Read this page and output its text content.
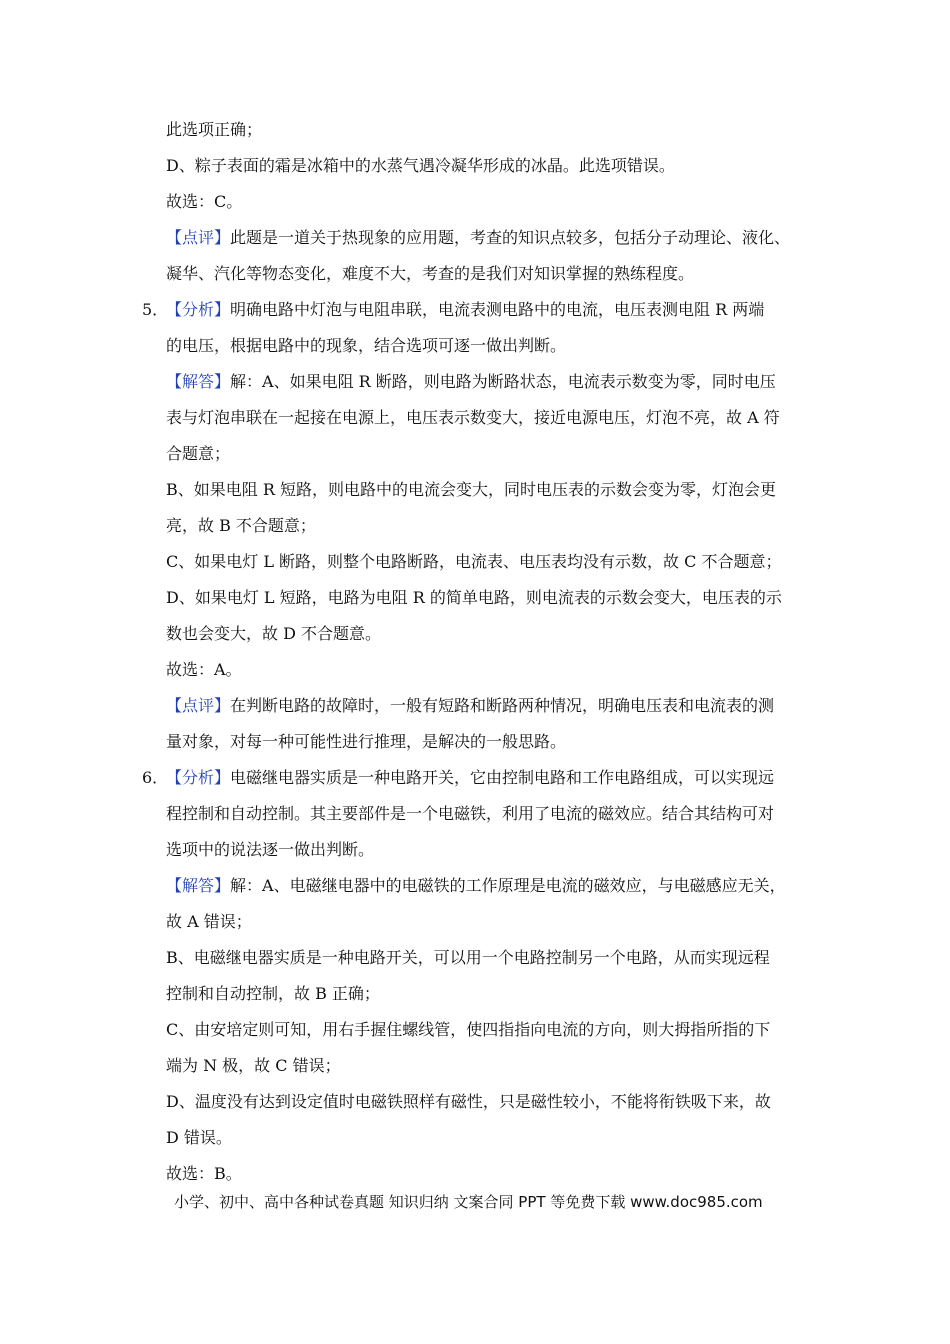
此选项正确；
D、粽子表面的霜是冰箱中的水蒸气遇冷凝华形成的冰晶。此选项错误。
故选：C。
【点评】此题是一道关于热现象的应用题，考查的知识点较多，包括分子动理论、液化、
凝华、汽化等物态变化，难度不大，考查的是我们对知识掌握的熟练程度。
5．
【分析】明确电路中灯泡与电阻串联，电流表测电路中的电流，电压表测电阻 R 两端
的电压，根据电路中的现象，结合选项可逐一做出判断。
【解答】解：A、如果电阻 R 断路，则电路为断路状态，电流表示数变为零，同时电压
表与灯泡串联在一起接在电源上，电压表示数变大，接近电源电压，灯泡不亮，故 A 符
合题意；
B、如果电阻 R 短路，则电路中的电流会变大，同时电压表的示数会变为零，灯泡会更
亮，故 B 不合题意；
C、如果电灯 L 断路，则整个电路断路，电流表、电压表均没有示数，故 C 不合题意；
D、如果电灯 L 短路，电路为电阻 R 的简单电路，则电流表的示数会变大，电压表的示
数也会变大，故 D 不合题意。
故选：A。
【点评】在判断电路的故障时，一般有短路和断路两种情况，明确电压表和电流表的测
量对象，对每一种可能性进行推理，是解决的一般思路。
6．
【分析】电磁继电器实质是一种电路开关，它由控制电路和工作电路组成，可以实现远
程控制和自动控制。其主要部件是一个电磁铁，利用了电流的磁效应。结合其结构可对
选项中的说法逐一做出判断。
【解答】解：A、电磁继电器中的电磁铁的工作原理是电流的磁效应，与电磁感应无关，
故 A 错误；
B、电磁继电器实质是一种电路开关，可以用一个电路控制另一个电路，从而实现远程
控制和自动控制，故 B 正确；
C、由安培定则可知，用右手握住螺线管，使四指指向电流的方向，则大拇指所指的下
端为 N 极，故 C 错误；
D、温度没有达到设定值时电磁铁照样有磁性，只是磁性较小，不能将衔铁吸下来，故
D 错误。
故选：B。
小学、初中、高中各种试卷真题 知识归纳 文案合同 PPT 等免费下载 www.doc985.com
